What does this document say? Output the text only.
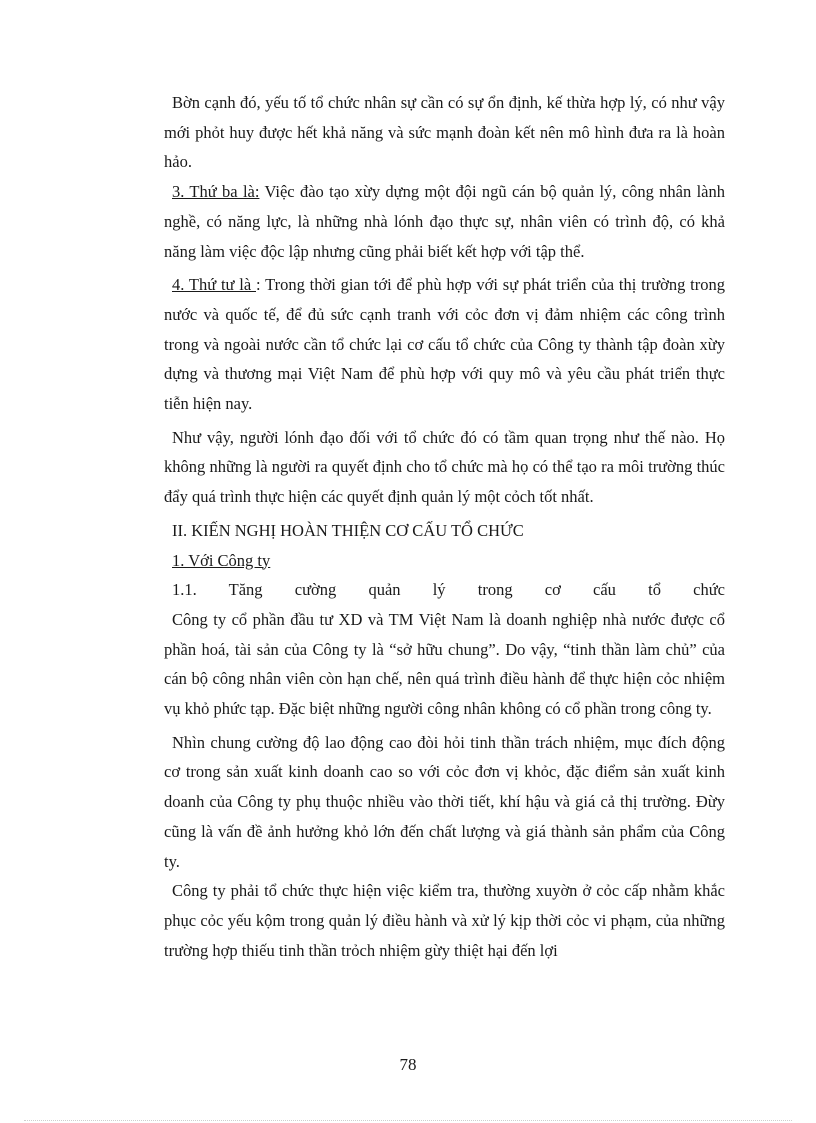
Bờn cạnh đó, yếu tố tổ chức nhân sự cần có sự ổn định, kế thừa hợp lý, có như vậy mới phỏt huy được hết khả năng và sức mạnh đoàn kết nên mô hình đưa ra là hoàn hảo.

3. Thứ ba là: Việc đào tạo xừy dựng một đội ngũ cán bộ quản lý, công nhân lành nghề, có năng lực, là những nhà lónh đạo thực sự, nhân viên có trình độ, có khả năng làm việc độc lập nhưng cũng phải biết kết hợp với tập thể.

4. Thứ tư là : Trong thời gian tới để phù hợp với sự phát triển của thị trường trong nước và quốc tế, để đủ sức cạnh tranh với cỏc đơn vị đảm nhiệm các công trình trong và ngoài nước cần tổ chức lại cơ cấu tổ chức của Công ty thành tập đoàn xừy dựng và thương mại Việt Nam để phù hợp với quy mô và yêu cầu phát triển thực tiễn hiện nay.

Như vậy, người lónh đạo đối với tổ chức đó có tầm quan trọng như thế nào. Họ không những là người ra quyết định cho tổ chức mà họ có thể tạo ra môi trường thúc đẩy quá trình thực hiện các quyết định quản lý một cỏch tốt nhất.

II. KIẾN NGHỊ HOÀN THIỆN CƠ CẤU TỔ CHỨC

1. Với Công ty

1.1. Tăng cường quản lý trong cơ cấu tổ chức

Công ty cổ phần đầu tư XD và TM Việt Nam là doanh nghiệp nhà nước được cổ phần hoá, tài sản của Công ty là “sở hữu chung”. Do vậy, “tinh thần làm chủ” của cán bộ công nhân viên còn hạn chế, nên quá trình điều hành để thực hiện cỏc nhiệm vụ khỏ phức tạp. Đặc biệt những người công nhân không có cổ phần trong công ty.

Nhìn chung cường độ lao động cao đòi hỏi tinh thần trách nhiệm, mục đích động cơ trong sản xuất kinh doanh cao so với cỏc đơn vị khỏc, đặc điểm sản xuất kinh doanh của Công ty phụ thuộc nhiều vào thời tiết, khí hậu và giá cả thị trường. Đừy cũng là vấn đề ảnh hưởng khỏ lớn đến chất lượng và giá thành sản phẩm của Công ty.

Công ty phải tổ chức thực hiện việc kiểm tra, thường xuyờn ở cỏc cấp nhằm khắc phục cỏc yếu kộm trong quản lý điều hành và xử lý kịp thời cỏc vi phạm, của những trường hợp thiếu tinh thần trỏch nhiệm gừy thiệt hại đến lợi

78
